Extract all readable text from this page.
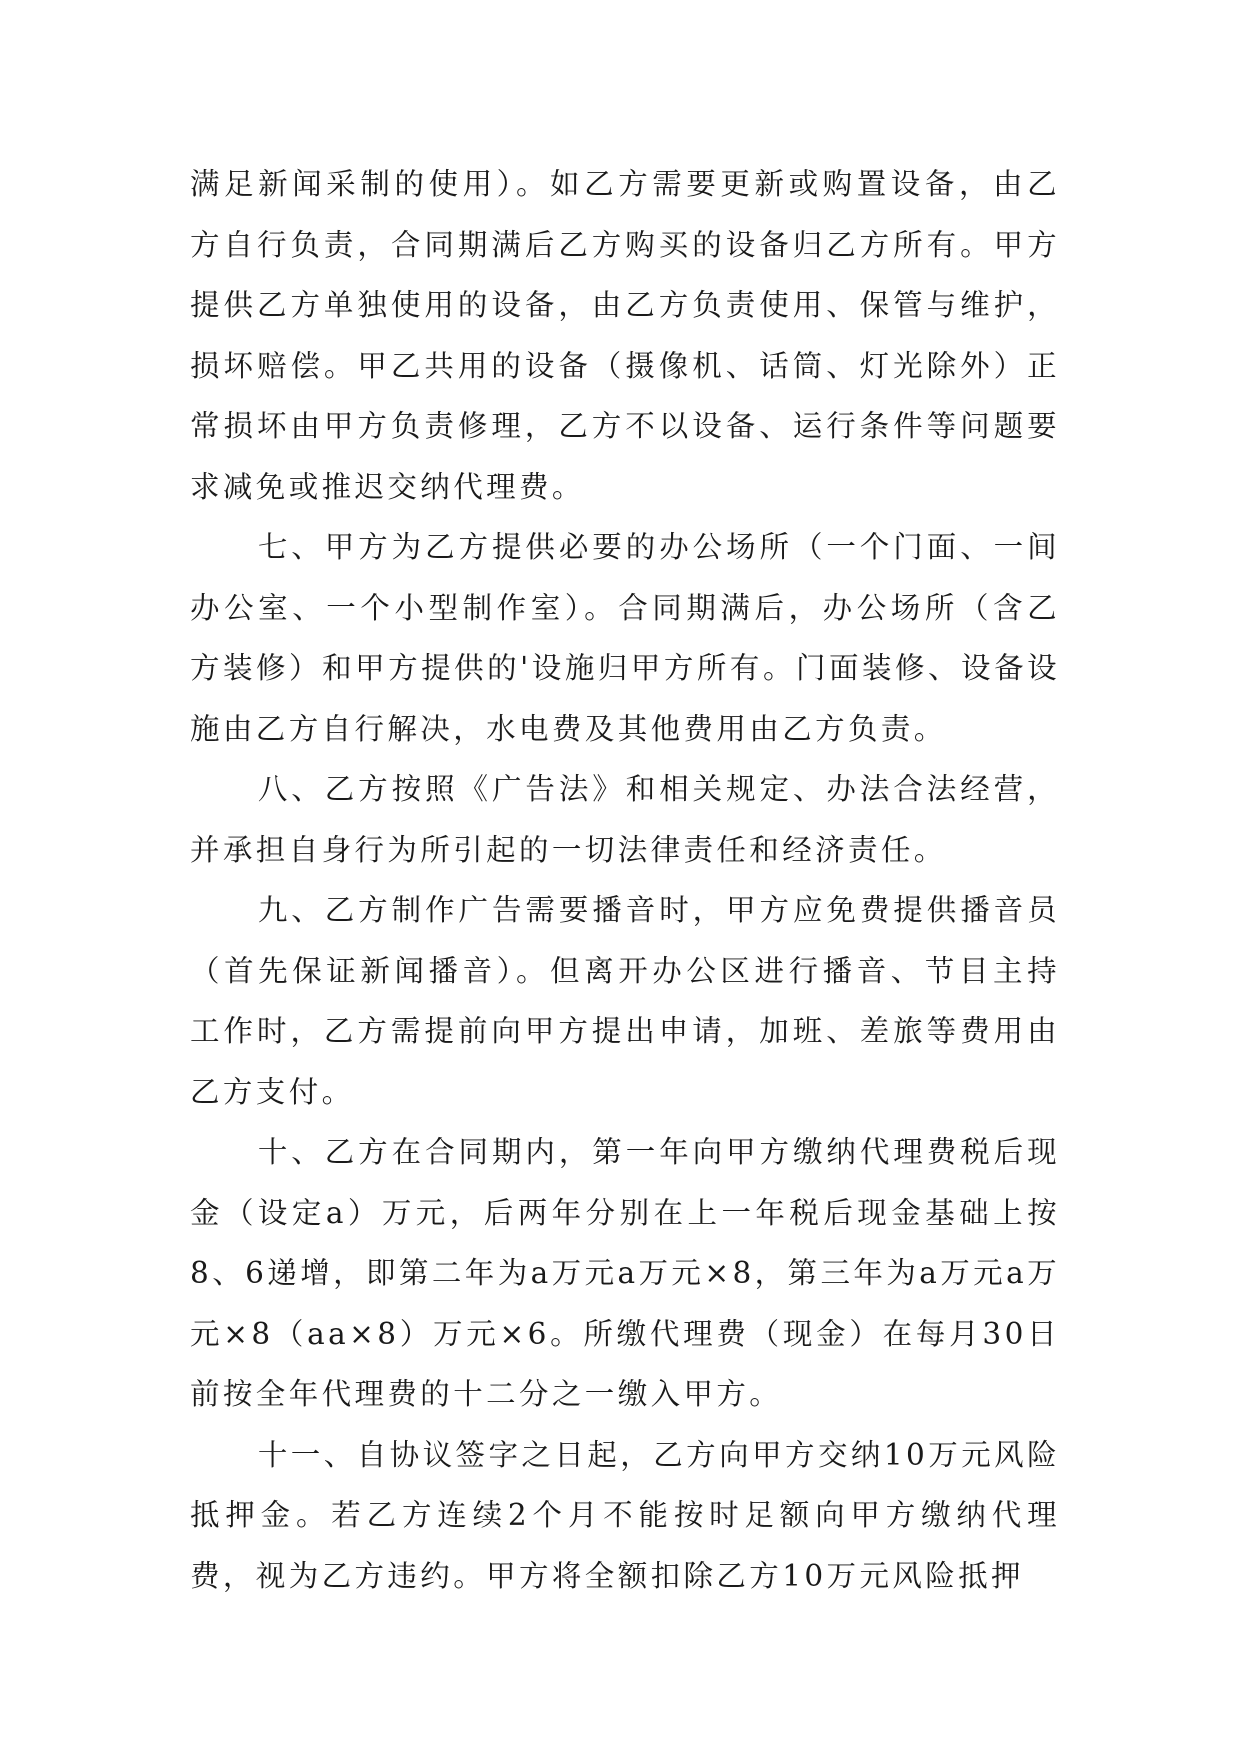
满足新闻采制的使用）。如乙方需要更新或购置设备，由乙方自行负责，合同期满后乙方购买的设备归乙方所有。甲方提供乙方单独使用的设备，由乙方负责使用、保管与维护，损坏赔偿。甲乙共用的设备（摄像机、话筒、灯光除外）正常损坏由甲方负责修理，乙方不以设备、运行条件等问题要求减免或推迟交纳代理费。

七、甲方为乙方提供必要的办公场所（一个门面、一间办公室、一个小型制作室）。合同期满后，办公场所（含乙方装修）和甲方提供的'设施归甲方所有。门面装修、设备设施由乙方自行解决，水电费及其他费用由乙方负责。

八、乙方按照《广告法》和相关规定、办法合法经营，并承担自身行为所引起的一切法律责任和经济责任。

九、乙方制作广告需要播音时，甲方应免费提供播音员（首先保证新闻播音）。但离开办公区进行播音、节目主持工作时，乙方需提前向甲方提出申请，加班、差旅等费用由乙方支付。

十、乙方在合同期内，第一年向甲方缴纳代理费税后现金（设定a）万元，后两年分别在上一年税后现金基础上按8、6递增，即第二年为a万元a万元×8，第三年为a万元a万元×8（aa×8）万元×6。所缴代理费（现金）在每月30日前按全年代理费的十二分之一缴入甲方。

十一、自协议签字之日起，乙方向甲方交纳10万元风险抵押金。若乙方连续2个月不能按时足额向甲方缴纳代理费，视为乙方违约。甲方将全额扣除乙方10万元风险抵押
